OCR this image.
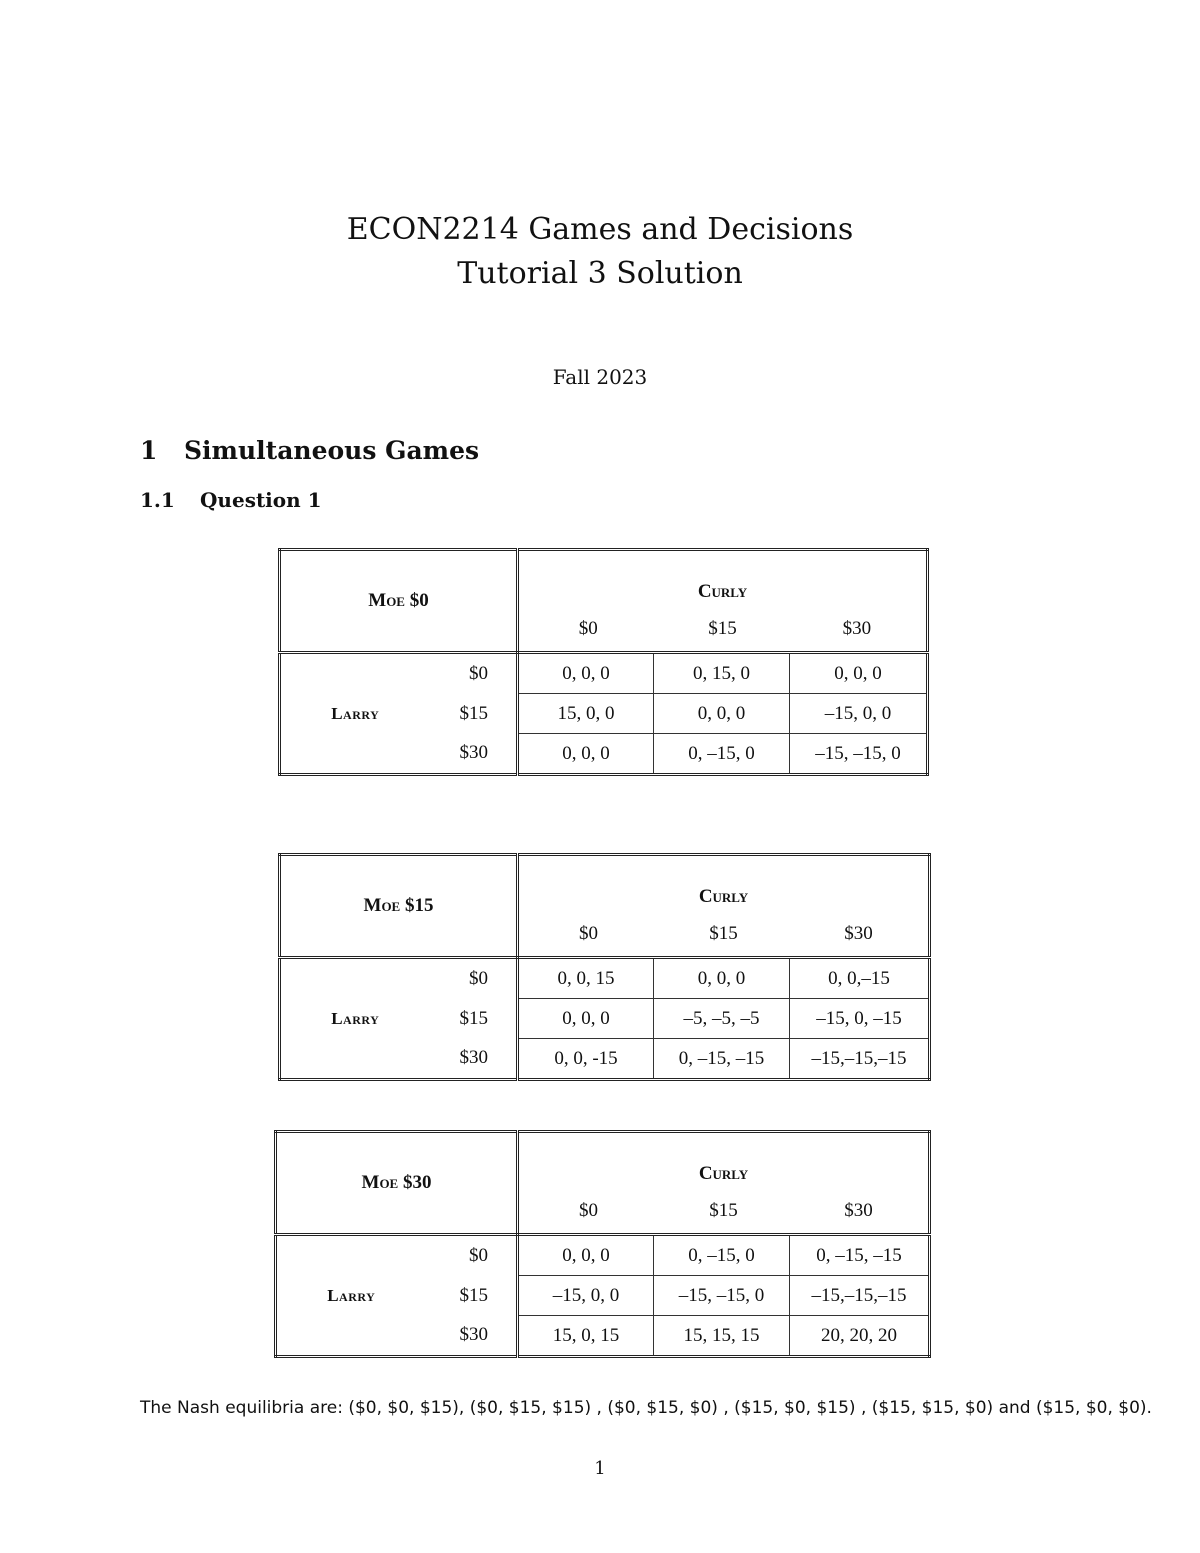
ECON2214 Games and Decisions
Tutorial 3 Solution
Fall 2023
1 Simultaneous Games
1.1 Question 1
Moe $0		Curly		
		$0 $15 $30		
Larry	$0	0, 0, 0	0, 15, 0	0, 0, 0
	$15	15, 0, 0	0, 0, 0	–15, 0, 0
	$30	0, 0, 0	0, –15, 0	–15, –15, 0
Moe $15		Curly		
		$0 $15 $30		
Larry	$0	0, 0, 15	0, 0, 0	0, 0,–15
	$15	0, 0, 0	–5, –5, –5	–15, 0, –15
	$30	0, 0, -15	0, –15, –15	–15,–15,–15
Moe $30		Curly		
		$0 $15 $30		
Larry	$0	0, 0, 0	0, –15, 0	0, –15, –15
	$15	–15, 0, 0	–15, –15, 0	–15,–15,–15
	$30	15, 0, 15	15, 15, 15	20, 20, 20
The Nash equilibria are: ($0, $0, $15), ($0, $15, $15) , ($0, $15, $0) , ($15, $0, $15) , ($15, $15, $0) and ($15, $0, $0).
1
